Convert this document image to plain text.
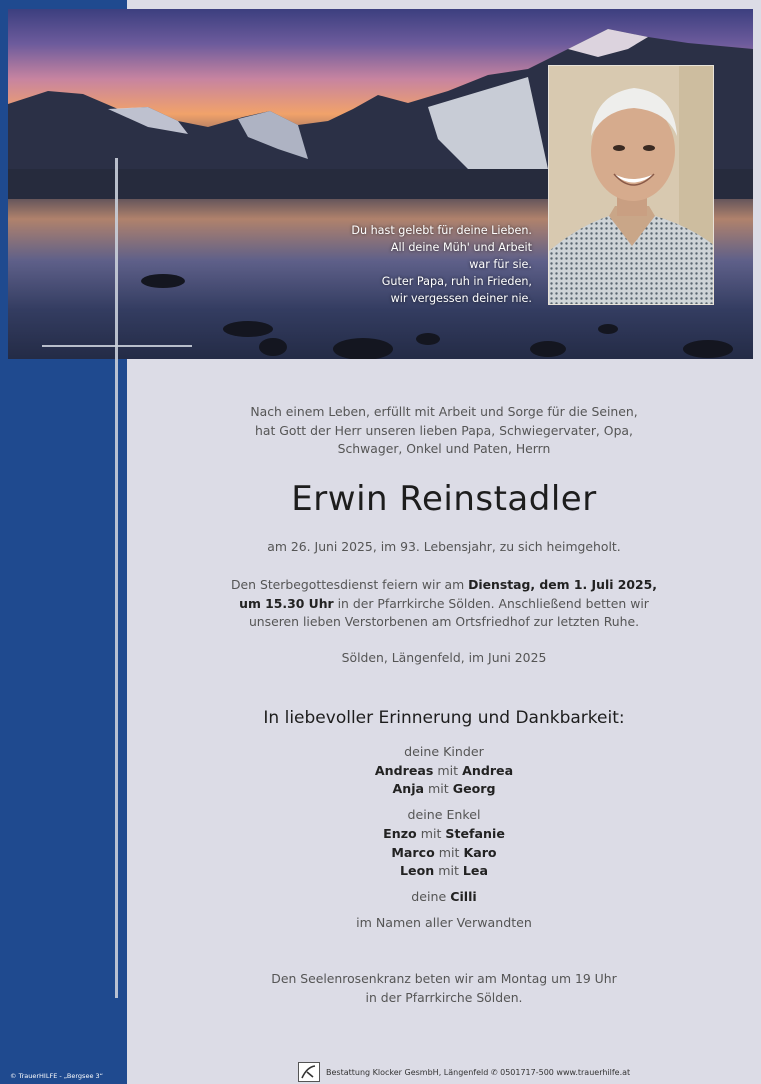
© TrauerHILFE - „Bergsee 3“
Du hast gelebt für deine Lieben.
All deine Müh' und Arbeit
war für sie.
Guter Papa, ruh in Frieden,
wir vergessen deiner nie.
Nach einem Leben, erfüllt mit Arbeit und Sorge für die Seinen,
hat Gott der Herr unseren lieben Papa, Schwiegervater, Opa,
Schwager, Onkel und Paten, Herrn
Erwin Reinstadler
am 26. Juni 2025, im 93. Lebensjahr, zu sich heimgeholt.
Den Sterbegottesdienst feiern wir am Dienstag, dem 1. Juli 2025,
um 15.30 Uhr in der Pfarrkirche Sölden. Anschließend betten wir
unseren lieben Verstorbenen am Ortsfriedhof zur letzten Ruhe.
Sölden, Längenfeld, im Juni 2025
In liebevoller Erinnerung und Dankbarkeit:
deine Kinder
Andreas mit Andrea
Anja mit Georg
deine Enkel
Enzo mit Stefanie
Marco mit Karo
Leon mit Lea
deine Cilli
im Namen aller Verwandten
Den Seelenrosenkranz beten wir am Montag um 19 Uhr
in der Pfarrkirche Sölden.
Bestattung Klocker GesmbH, Längenfeld ✆ 0501717-500 www.trauerhilfe.at
